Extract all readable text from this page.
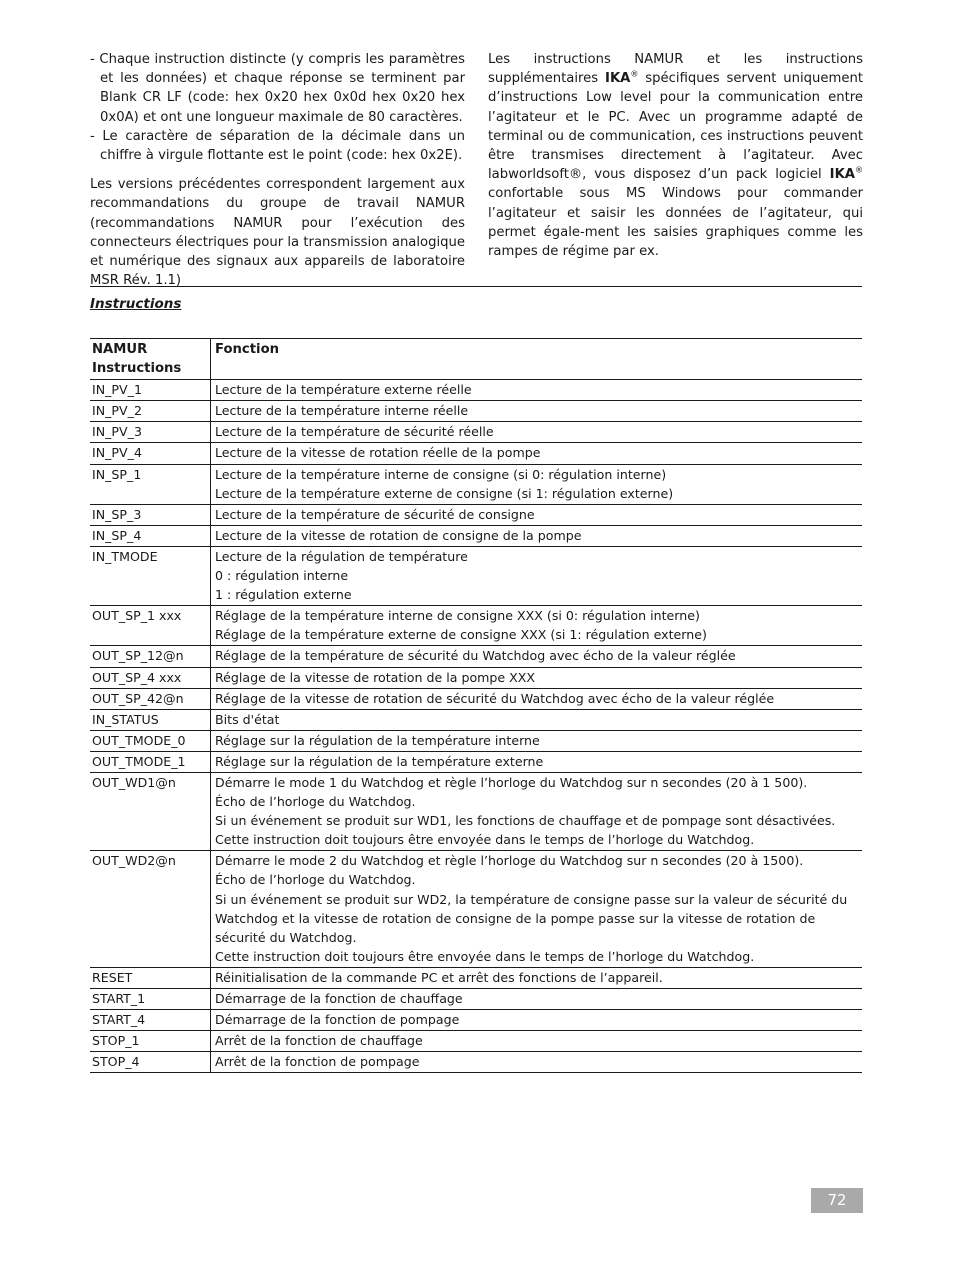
- Chaque instruction distincte (y compris les paramètres et les données) et chaque réponse se terminent par Blank CR LF (code: hex 0x20 hex 0x0d hex 0x20 hex 0x0A) et ont une longueur maximale de 80 caractères.

- Le caractère de séparation de la décimale dans un chiffre à virgule flottante est le point (code: hex 0x2E).

Les versions précédentes correspondent largement aux recommandations du groupe de travail NAMUR (recommandations NAMUR pour l’exécution des connecteurs électriques pour la transmission analogique et numérique des signaux aux appareils de laboratoire MSR Rév. 1.1)

Les instructions NAMUR et les instructions supplémentaires IKA® spécifiques servent uniquement d’instructions Low level pour la communication entre l’agitateur et le PC. Avec un programme adapté de terminal ou de communication, ces instructions peuvent être transmises directement à l’agitateur. Avec labworldsoft®, vous disposez d’un pack logiciel IKA® confortable sous MS Windows pour commander l’agitateur et saisir les données de l’agitateur, qui permet égale-ment les saisies graphiques comme les rampes de régime par ex.

Instructions
NAMUR
Instructions	Fonction
IN_PV_1	Lecture de la température externe réelle

IN_PV_2	Lecture de la température interne réelle

IN_PV_3	Lecture de la température de sécurité réelle

IN_PV_4	Lecture de la vitesse de rotation réelle de la pompe

IN_SP_1	Lecture de la température interne de consigne (si 0: régulation interne)
Lecture de la température externe de consigne (si 1: régulation externe)

IN_SP_3	Lecture de la température de sécurité de consigne

IN_SP_4	Lecture de la vitesse de rotation de consigne de la pompe

IN_TMODE	Lecture de la régulation de température
0 : régulation interne
1 : régulation externe

OUT_SP_1 xxx	Réglage de la température interne de consigne XXX (si 0: régulation interne)
Réglage de la température externe de consigne XXX (si 1: régulation externe)

OUT_SP_12@n	Réglage de la température de sécurité du Watchdog avec écho de la valeur réglée

OUT_SP_4 xxx	Réglage de la vitesse de rotation de la pompe XXX

OUT_SP_42@n	Réglage de la vitesse de rotation de sécurité du Watchdog avec écho de la valeur réglée

IN_STATUS	Bits d'état

OUT_TMODE_0	Réglage sur la régulation de la température interne

OUT_TMODE_1	Réglage sur la régulation de la température externe

OUT_WD1@n	Démarre le mode 1 du Watchdog et règle l’horloge du Watchdog sur n secondes (20 à 1 500).
Écho de l’horloge du Watchdog.
Si un événement se produit sur WD1, les fonctions de chauffage et de pompage sont désactivées.
Cette instruction doit toujours être envoyée dans le temps de l’horloge du Watchdog.

OUT_WD2@n	Démarre le mode 2 du Watchdog et règle l’horloge du Watchdog sur n secondes (20 à 1500).
Écho de l’horloge du Watchdog.
Si un événement se produit sur WD2, la température de consigne passe sur la valeur de sécurité du Watchdog et la vitesse de rotation de consigne de la pompe passe sur la vitesse de rotation de sécurité du Watchdog.
Cette instruction doit toujours être envoyée dans le temps de l’horloge du Watchdog.

RESET	Réinitialisation de la commande PC et arrêt des fonctions de l’appareil.

START_1	Démarrage de la fonction de chauffage

START_4	Démarrage de la fonction de pompage

STOP_1	Arrêt de la fonction de chauffage

STOP_4	Arrêt de la fonction de pompage
72
